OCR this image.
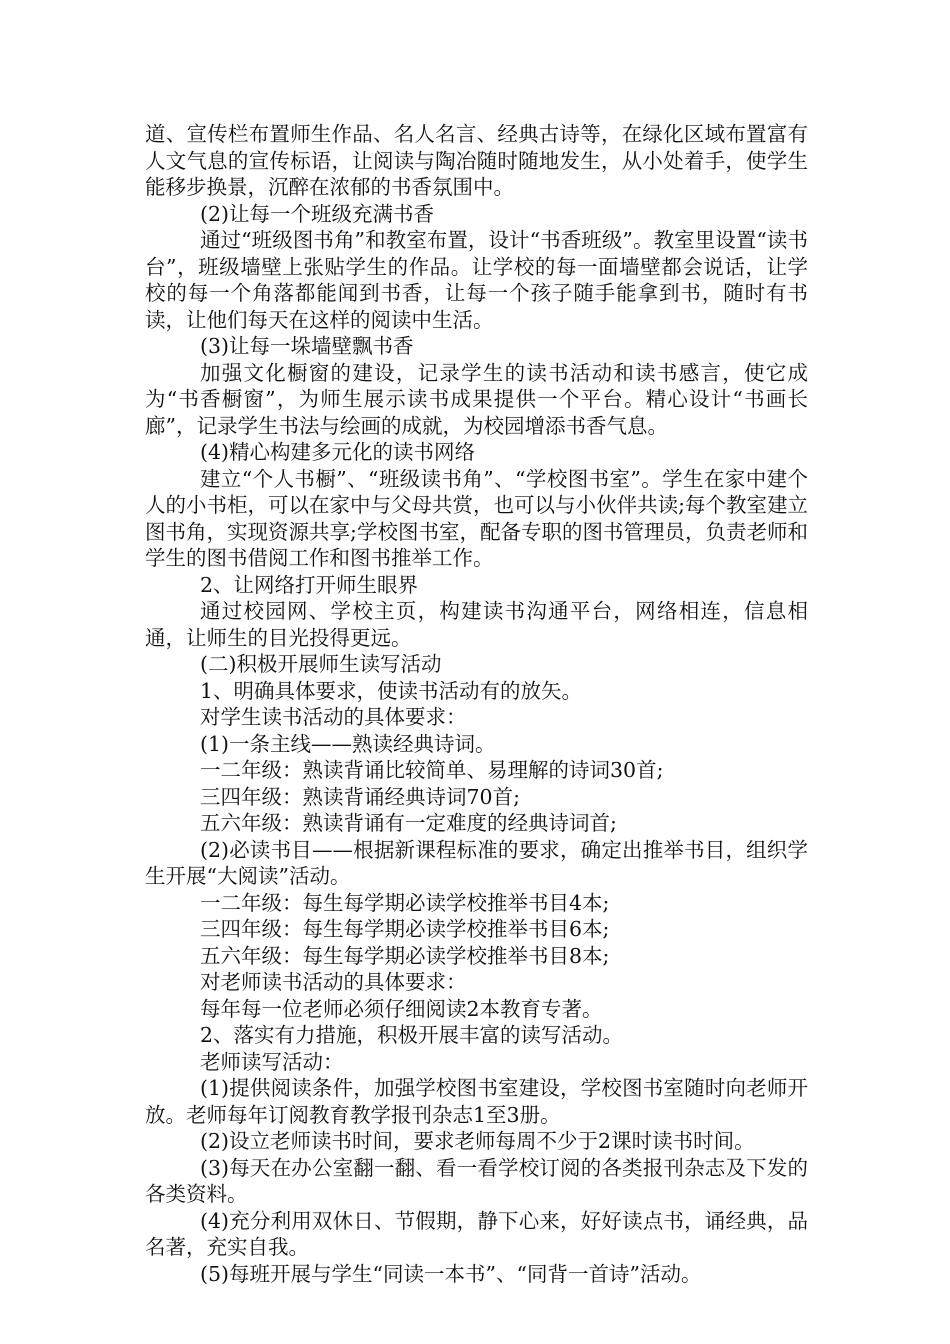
道、宣传栏布置师生作品、名人名言、经典古诗等，在绿化区域布置富有人文气息的宣传标语，让阅读与陶冶随时随地发生，从小处着手，使学生能移步换景，沉醉在浓郁的书香氛围中。

(2)让每一个班级充满书香

通过“班级图书角”和教室布置，设计“书香班级”。教室里设置“读书台”，班级墙壁上张贴学生的作品。让学校的每一面墙壁都会说话，让学校的每一个角落都能闻到书香，让每一个孩子随手能拿到书，随时有书读，让他们每天在这样的阅读中生活。

(3)让每一垛墙壁飘书香

加强文化橱窗的建设，记录学生的读书活动和读书感言，使它成为“书香橱窗”，为师生展示读书成果提供一个平台。精心设计“书画长廊”，记录学生书法与绘画的成就，为校园增添书香气息。

(4)精心构建多元化的读书网络

建立“个人书橱”、“班级读书角”、“学校图书室”。学生在家中建个人的小书柜，可以在家中与父母共赏，也可以与小伙伴共读;每个教室建立图书角，实现资源共享;学校图书室，配备专职的图书管理员，负责老师和学生的图书借阅工作和图书推举工作。

2、让网络打开师生眼界

通过校园网、学校主页，构建读书沟通平台，网络相连，信息相通，让师生的目光投得更远。

(二)积极开展师生读写活动

1、明确具体要求，使读书活动有的放矢。

对学生读书活动的具体要求：

(1)一条主线——熟读经典诗词。

一二年级：熟读背诵比较简单、易理解的诗词30首;

三四年级：熟读背诵经典诗词70首;

五六年级：熟读背诵有一定难度的经典诗词首;

(2)必读书目——根据新课程标准的要求，确定出推举书目，组织学生开展“大阅读”活动。

一二年级：每生每学期必读学校推举书目4本;

三四年级：每生每学期必读学校推举书目6本;

五六年级：每生每学期必读学校推举书目8本;

对老师读书活动的具体要求：

每年每一位老师必须仔细阅读2本教育专著。

2、落实有力措施，积极开展丰富的读写活动。

老师读写活动：

(1)提供阅读条件，加强学校图书室建设，学校图书室随时向老师开放。老师每年订阅教育教学报刊杂志1至3册。

(2)设立老师读书时间，要求老师每周不少于2课时读书时间。

(3)每天在办公室翻一翻、看一看学校订阅的各类报刊杂志及下发的各类资料。

(4)充分利用双休日、节假期，静下心来，好好读点书，诵经典，品名著，充实自我。

(5)每班开展与学生“同读一本书”、“同背一首诗”活动。
